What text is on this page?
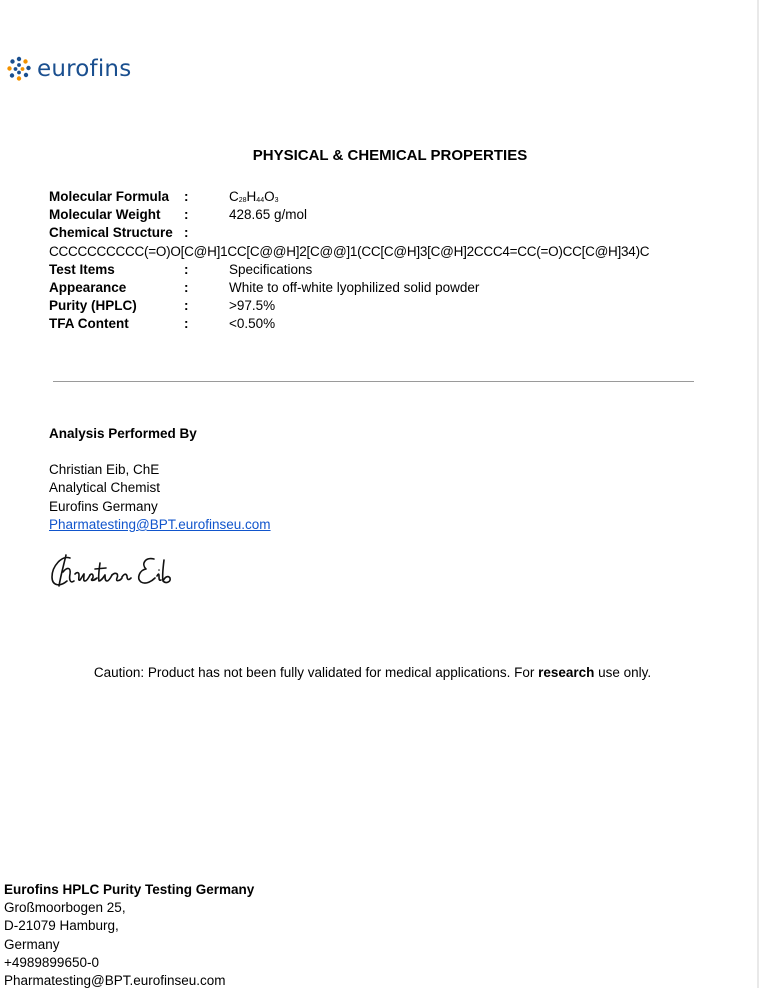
eurofins
PHYSICAL & CHEMICAL PROPERTIES
Molecular Formula :	$C_{28}H_{44}O_3$
Molecular Weight :	428.65 g/mol
Chemical Structure :
CCCCCCCCCC(=O)O[C@H]1CC[C@@H]2[C@@]1(CC[C@H]3[C@H]2CCC4=CC(=O)CC[C@H]34)C
Test Items	:	Specifications
Appearance	:	White to off-white lyophilized solid powder
Purity (HPLC)	:	>97.5%
TFA Content	:	<0.50%
Analysis Performed By
Christian Eib, ChE
Analytical Chemist
Eurofins Germany
Pharmatesting@BPT.eurofinseu.com
Caution: Product has not been fully validated for medical applications. For research use only.
Eurofins HPLC Purity Testing Germany
Großmoorbogen 25,
D-21079 Hamburg,
Germany
+4989899650-0
Pharmatesting@BPT.eurofinseu.com
